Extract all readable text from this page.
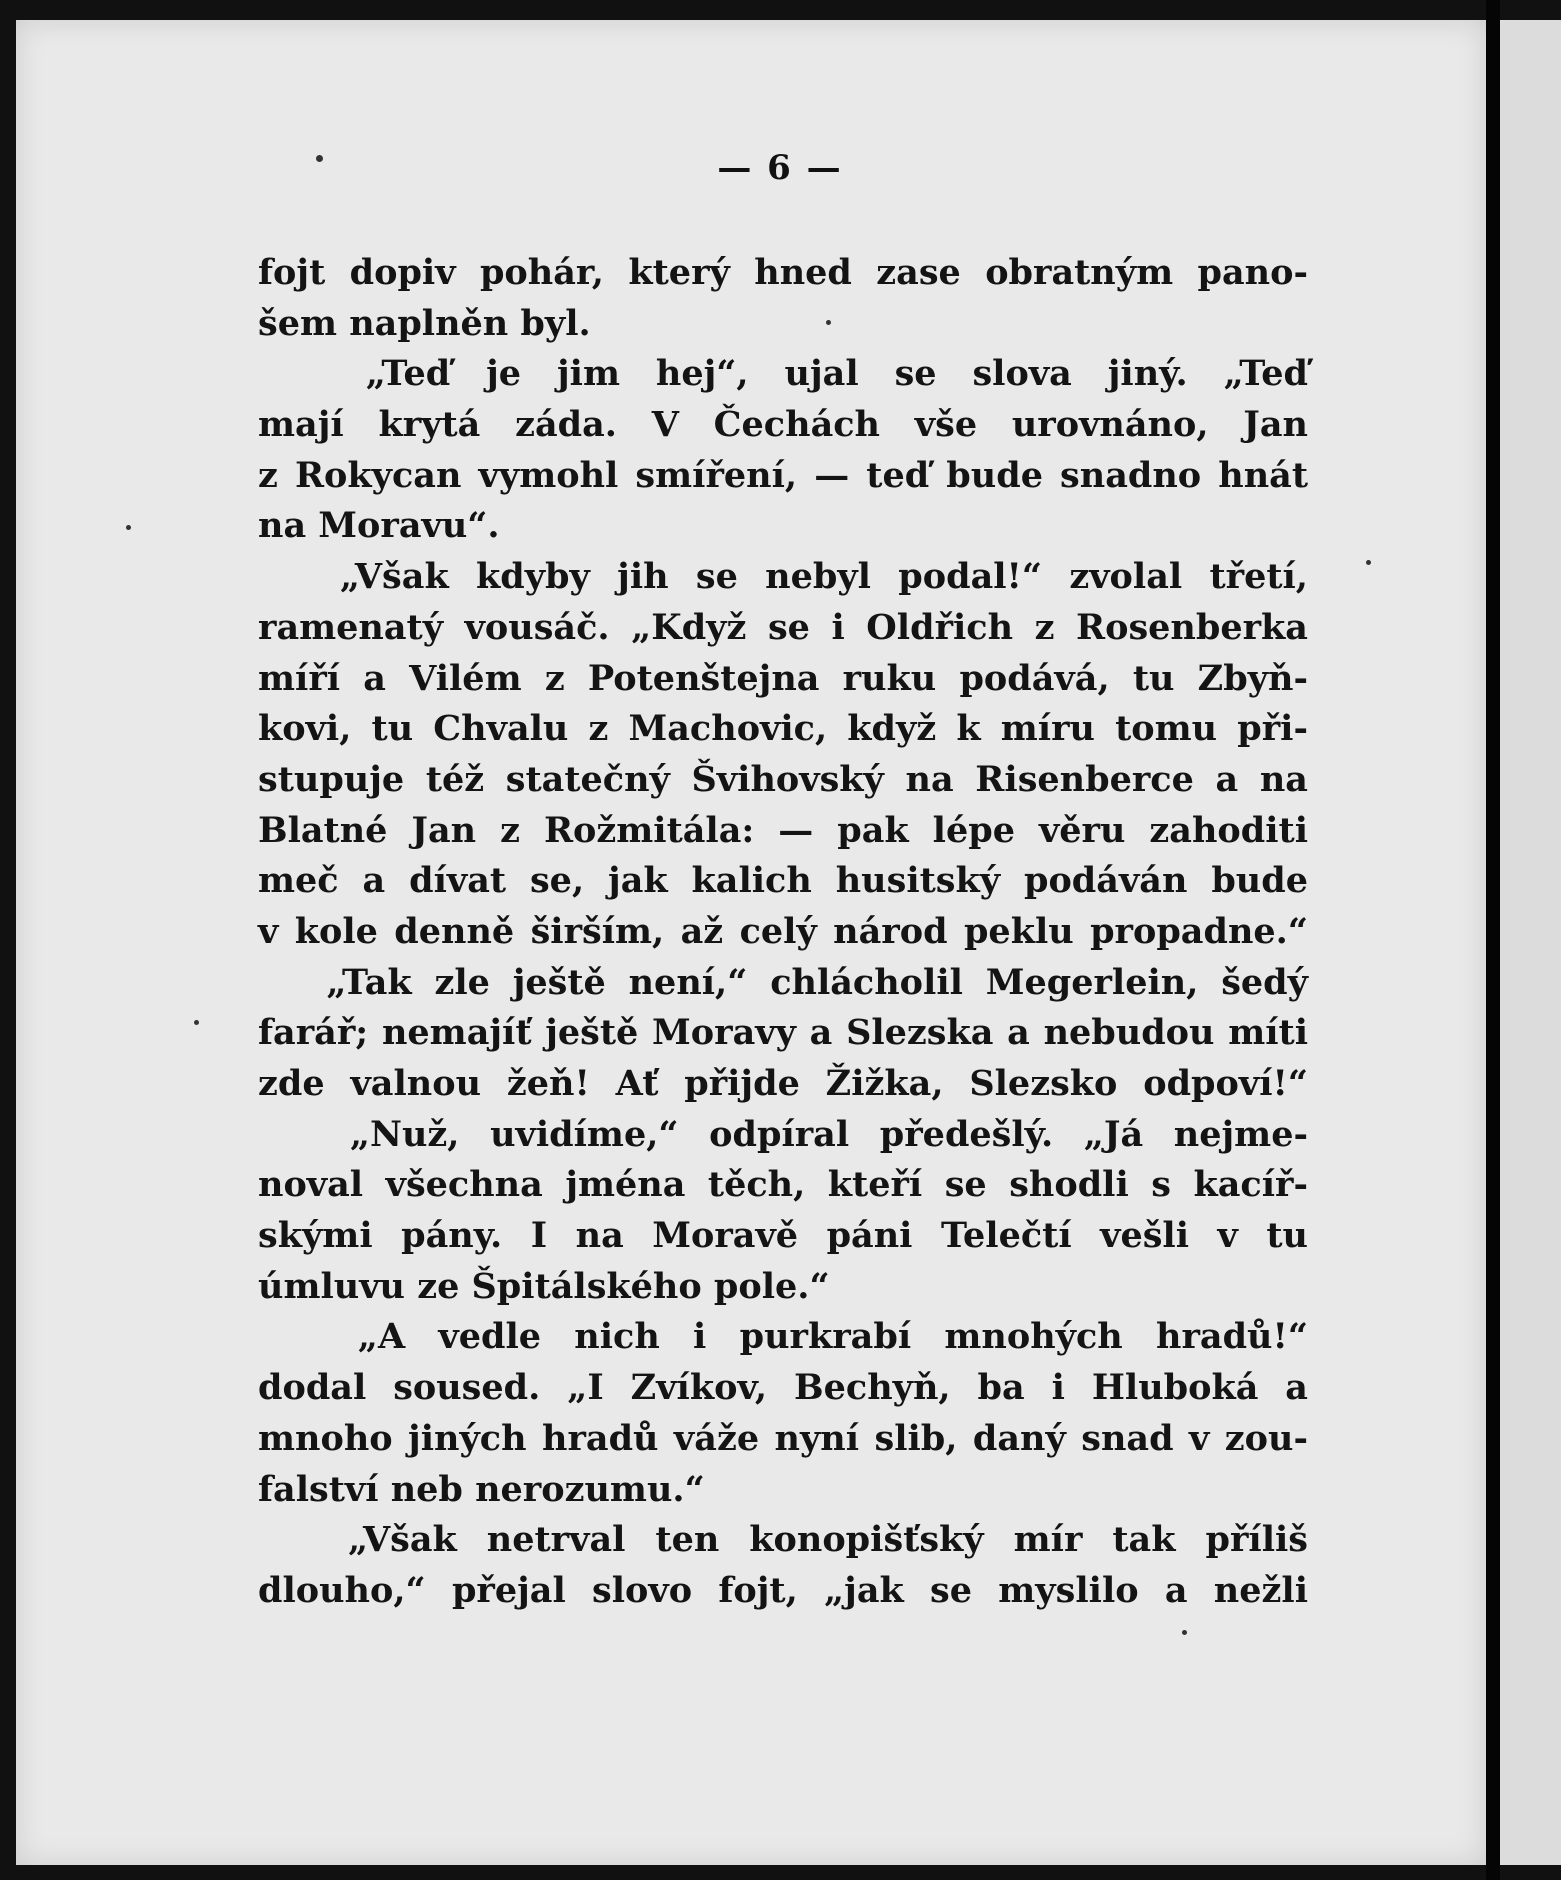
— 6 —
fojt dopiv pohár, který hned zase obratným pano-
šem naplněn byl.
„Teď je jim hej“, ujal se slova jiný. „Teď
mají krytá záda. V Čechách vše urovnáno, Jan
z Rokycan vymohl smíření, — teď bude snadno hnát
na Moravu“.
„Však kdyby jih se nebyl podal!“ zvolal třetí,
ramenatý vousáč. „Když se i Oldřich z Rosenberka
míří a Vilém z Potenštejna ruku podává, tu Zbyň-
kovi, tu Chvalu z Machovic, když k míru tomu při-
stupuje též statečný Švihovský na Risenberce a na
Blatné Jan z Rožmitála: — pak lépe věru zahoditi
meč a dívat se, jak kalich husitský podáván bude
v kole denně širším, až celý národ peklu propadne.“
„Tak zle ještě není,“ chlácholil Megerlein, šedý
farář; nemajíť ještě Moravy a Slezska a nebudou míti
zde valnou žeň! Ať přijde Žižka, Slezsko odpoví!“
„Nuž, uvidíme,“ odpíral předešlý. „Já nejme-
noval všechna jména těch, kteří se shodli s kacíř-
skými pány. I na Moravě páni Telečtí vešli v tu
úmluvu ze Špitálského pole.“
„A vedle nich i purkrabí mnohých hradů!“
dodal soused. „I Zvíkov, Bechyň, ba i Hluboká a
mnoho jiných hradů váže nyní slib, daný snad v zou-
falství neb nerozumu.“
„Však netrval ten konopišťský mír tak příliš
dlouho,“ přejal slovo fojt, „jak se myslilo a nežli
